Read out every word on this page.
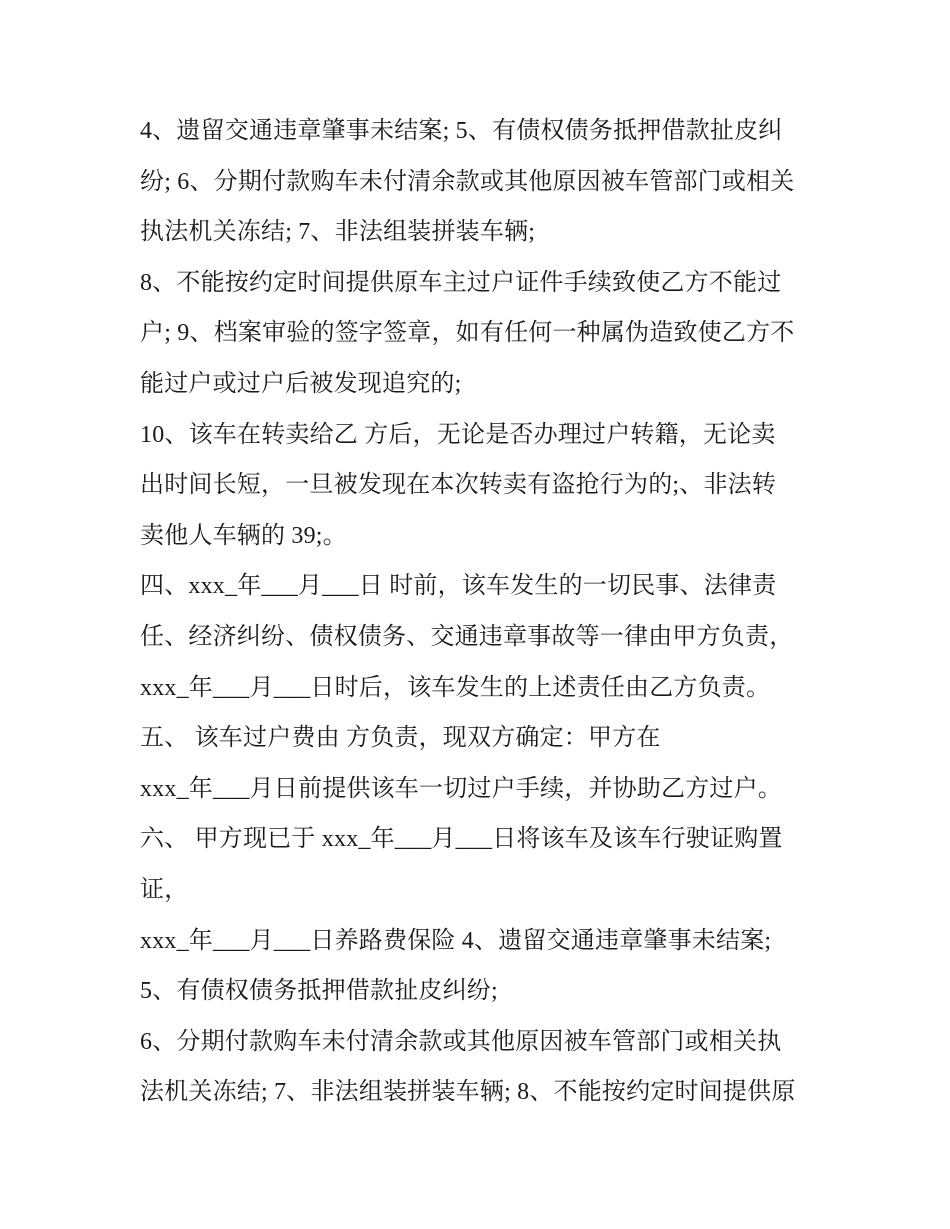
4、遗留交通违章肇事未结案; 5、有债权债务抵押借款扯皮纠
纷; 6、分期付款购车未付清余款或其他原因被车管部门或相关
执法机关冻结; 7、非法组装拼装车辆;
8、不能按约定时间提供原车主过户证件手续致使乙方不能过
户; 9、档案审验的签字签章，如有任何一种属伪造致使乙方不
能过户或过户后被发现追究的;
10、该车在转卖给乙 方后，无论是否办理过户转籍，无论卖
出时间长短，一旦被发现在本次转卖有盗抢行为的;、非法转
卖他人车辆的 39;。
四、xxx_年___月___日 时前，该车发生的一切民事、法律责
任、经济纠纷、债权债务、交通违章事故等一律由甲方负责，
xxx_年___月___日时后，该车发生的上述责任由乙方负责。
五、 该车过户费由 方负责，现双方确定：甲方在
xxx_年___月日前提供该车一切过户手续，并协助乙方过户。
六、 甲方现已于 xxx_年___月___日将该车及该车行驶证购置
证，
xxx_年___月___日养路费保险 4、遗留交通违章肇事未结案;
5、有债权债务抵押借款扯皮纠纷;
6、分期付款购车未付清余款或其他原因被车管部门或相关执
法机关冻结; 7、非法组装拼装车辆; 8、不能按约定时间提供原
